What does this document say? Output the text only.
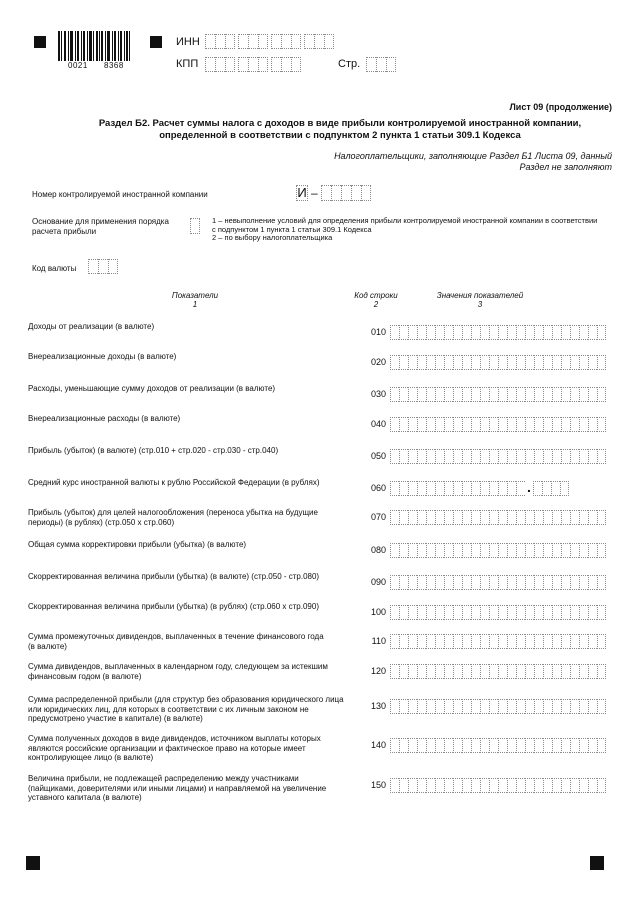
0021 8368
ИНН
КПП	Стр.
Лист 09 (продолжение)
Раздел Б2. Расчет суммы налога с доходов в виде прибыли контролируемой иностранной компании,
определенной в соответствии с подпунктом 2 пункта 1 статьи 309.1 Кодекса
Налогоплательщики, заполняющие Раздел Б1 Листа 09, данный
Раздел не заполняют
Номер контролируемой иностранной компании	И –
Основание для применения порядка
расчета прибыли
1 – невыполнение условий для определения прибыли контролируемой иностранной компании в соответствии
с подпунктом 1 пункта 1 статьи 309.1 Кодекса
2 – по выбору налогоплательщика
Код валюты
Показатели
1
Код строки
2
Значения показателей
3
Доходы от реализации (в валюте)
010
Внереализационные доходы (в валюте)
020
Расходы, уменьшающие сумму доходов от реализации (в валюте)
030
Внереализационные расходы (в валюте)
040
Прибыль (убыток) (в валюте) (стр.010 + стр.020 - стр.030 - стр.040)
050
Средний курс иностранной валюты к рублю Российской Федерации (в рублях)
060	.
Прибыль (убыток) для целей налогообложения (переноса убытка на будущие
периоды) (в рублях) (стр.050 х стр.060)	070
Общая сумма корректировки прибыли (убытка) (в валюте)
080
Скорректированная величина прибыли (убытка) (в валюте) (стр.050 - стр.080)
090
Скорректированная величина прибыли (убытка) (в рублях) (стр.060 х стр.090)
100
Сумма промежуточных дивидендов, выплаченных в течение финансового года
(в валюте)	110
Сумма дивидендов, выплаченных в календарном году, следующем за истекшим
финансовым годом (в валюте)	120
Сумма распределенной прибыли (для структур без образования юридического лица
или юридических лиц, для которых в соответствии с их личным законом не
предусмотрено участие в капитале) (в валюте)
130
Сумма полученных доходов в виде дивидендов, источником выплаты которых
являются российские организации и фактическое право на которые имеет
контролирующее лицо (в валюте)
140
Величина прибыли, не подлежащей распределению между участниками
(пайщиками, доверителями или иными лицами) и направляемой на увеличение
уставного капитала (в валюте)
150
